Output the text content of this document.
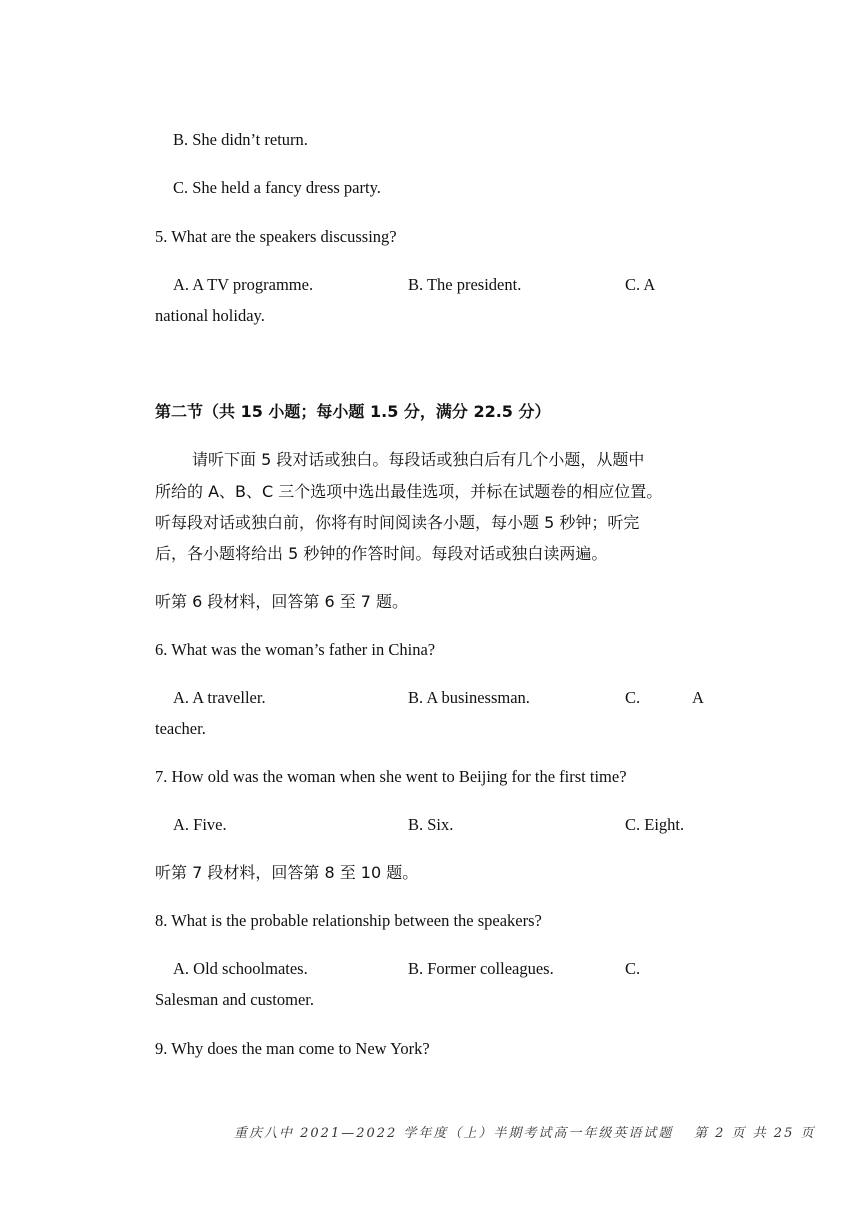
B. She didn’t return.
C. She held a fancy dress party.
5. What are the speakers discussing?
A. A TV programme.	B. The president.	C. A
national holiday.
第二节（共 15 小题；每小题 1.5 分，满分 22.5 分）
请听下面 5 段对话或独白。每段话或独白后有几个小题，从题中
所给的 A、B、C 三个选项中选出最佳选项，并标在试题卷的相应位置。
听每段对话或独白前，你将有时间阅读各小题，每小题 5 秒钟；听完
后，各小题将给出 5 秒钟的作答时间。每段对话或独白读两遍。
听第 6 段材料，回答第 6 至 7 题。
6. What was the woman’s father in China?
A. A traveller.	B. A businessman.	C.	A
teacher.
7. How old was the woman when she went to Beijing for the first time?
A. Five.	B. Six.	C. Eight.
听第 7 段材料，回答第 8 至 10 题。
8. What is the probable relationship between the speakers?
A. Old schoolmates.	B. Former colleagues.	C.
Salesman and customer.
9. Why does the man come to New York?
重庆八中 2021—2022 学年度（上）半期考试高一年级英语试题 第 2 页 共 25 页
